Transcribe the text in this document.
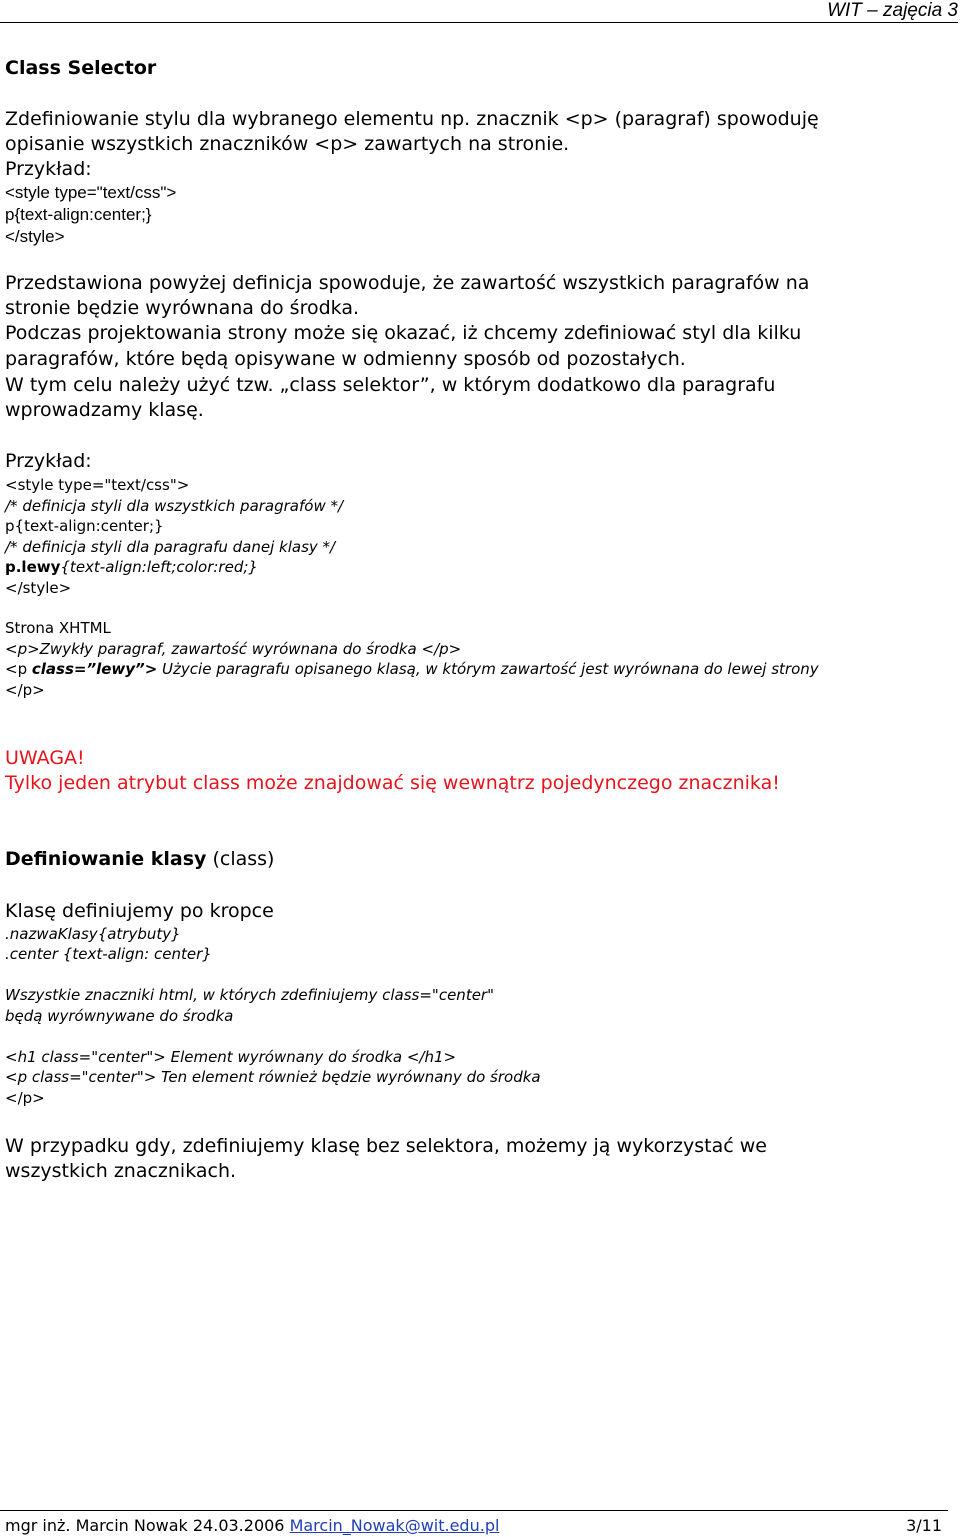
WIT – zajęcia 3
Class Selector
Zdefiniowanie stylu dla wybranego elementu np. znacznik <p> (paragraf) spowoduję
opisanie wszystkich znaczników <p> zawartych na stronie.
Przykład:
<style type="text/css">
p{text-align:center;}
</style>
Przedstawiona powyżej definicja spowoduje, że zawartość wszystkich paragrafów na
stronie będzie wyrównana do środka.
Podczas projektowania strony może się okazać, iż chcemy zdefiniować styl dla kilku
paragrafów, które będą opisywane w odmienny sposób od pozostałych.
W tym celu należy użyć tzw. „class selektor”, w którym dodatkowo dla paragrafu
wprowadzamy klasę.
Przykład:
<style type="text/css">
/* definicja styli dla wszystkich paragrafów */
p{text-align:center;}
/* definicja styli dla paragrafu danej klasy */
p.lewy{text-align:left;color:red;}
</style>
Strona XHTML
<p>Zwykły paragraf, zawartość wyrównana do środka </p>
<p class=”lewy”> Użycie paragrafu opisanego klasą, w którym zawartość jest wyrównana do lewej strony
</p>
UWAGA!
Tylko jeden atrybut class może znajdować się wewnątrz pojedynczego znacznika!
Definiowanie klasy (class)
Klasę definiujemy po kropce
.nazwaKlasy{atrybuty}
.center {text-align: center}
Wszystkie znaczniki html, w których zdefiniujemy class="center"
będą wyrównywane do środka
<h1 class="center"> Element wyrównany do środka </h1>
<p class="center"> Ten element również będzie wyrównany do środka
</p>
W przypadku gdy, zdefiniujemy klasę bez selektora, możemy ją wykorzystać we
wszystkich znacznikach.
mgr inż. Marcin Nowak 24.03.2006 Marcin_Nowak@wit.edu.pl	3/11
